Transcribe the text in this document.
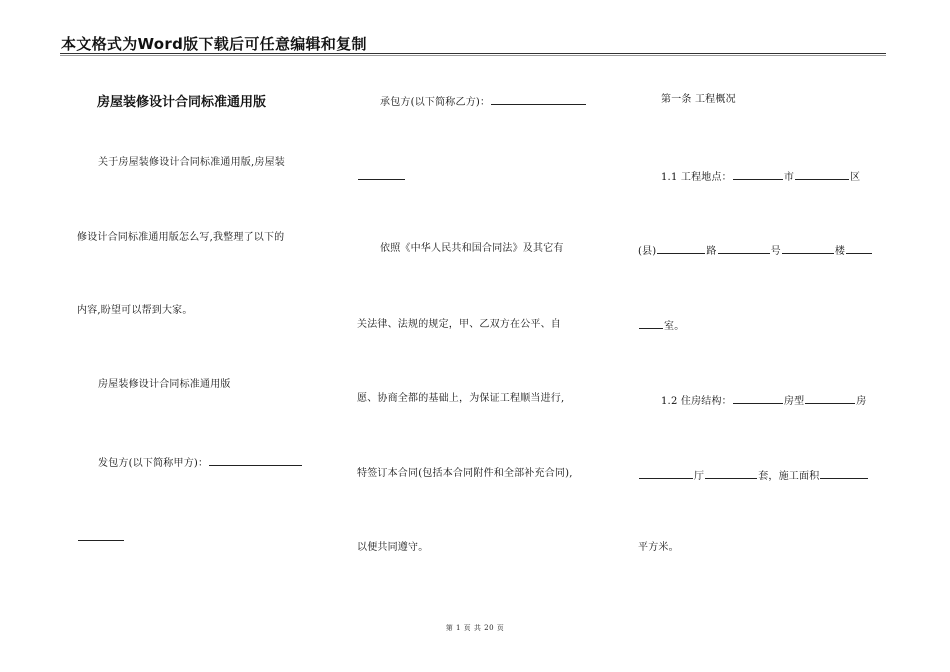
本文格式为Word版下载后可任意编辑和复制
房屋装修设计合同标准通用版

关于房屋装修设计合同标准通用版,房屋装

修设计合同标准通用版怎么写,我整理了以下的

内容,盼望可以帮到大家。

房屋装修设计合同标准通用版

发包方(以下简称甲方)：

承包方(以下简称乙方)：

依照《中华人民共和国合同法》及其它有

关法律、法规的规定，甲、乙双方在公平、自

愿、协商全都的基础上，为保证工程顺当进行,

特签订本合同(包括本合同附件和全部补充合同),

以便共同遵守。

第一条 工程概况

1.1 工程地点：	市	区

(县)	路	号	楼

室。

1.2 住房结构：	房型	房

厅	套，施工面积

平方米。

第 1 页 共 20 页
